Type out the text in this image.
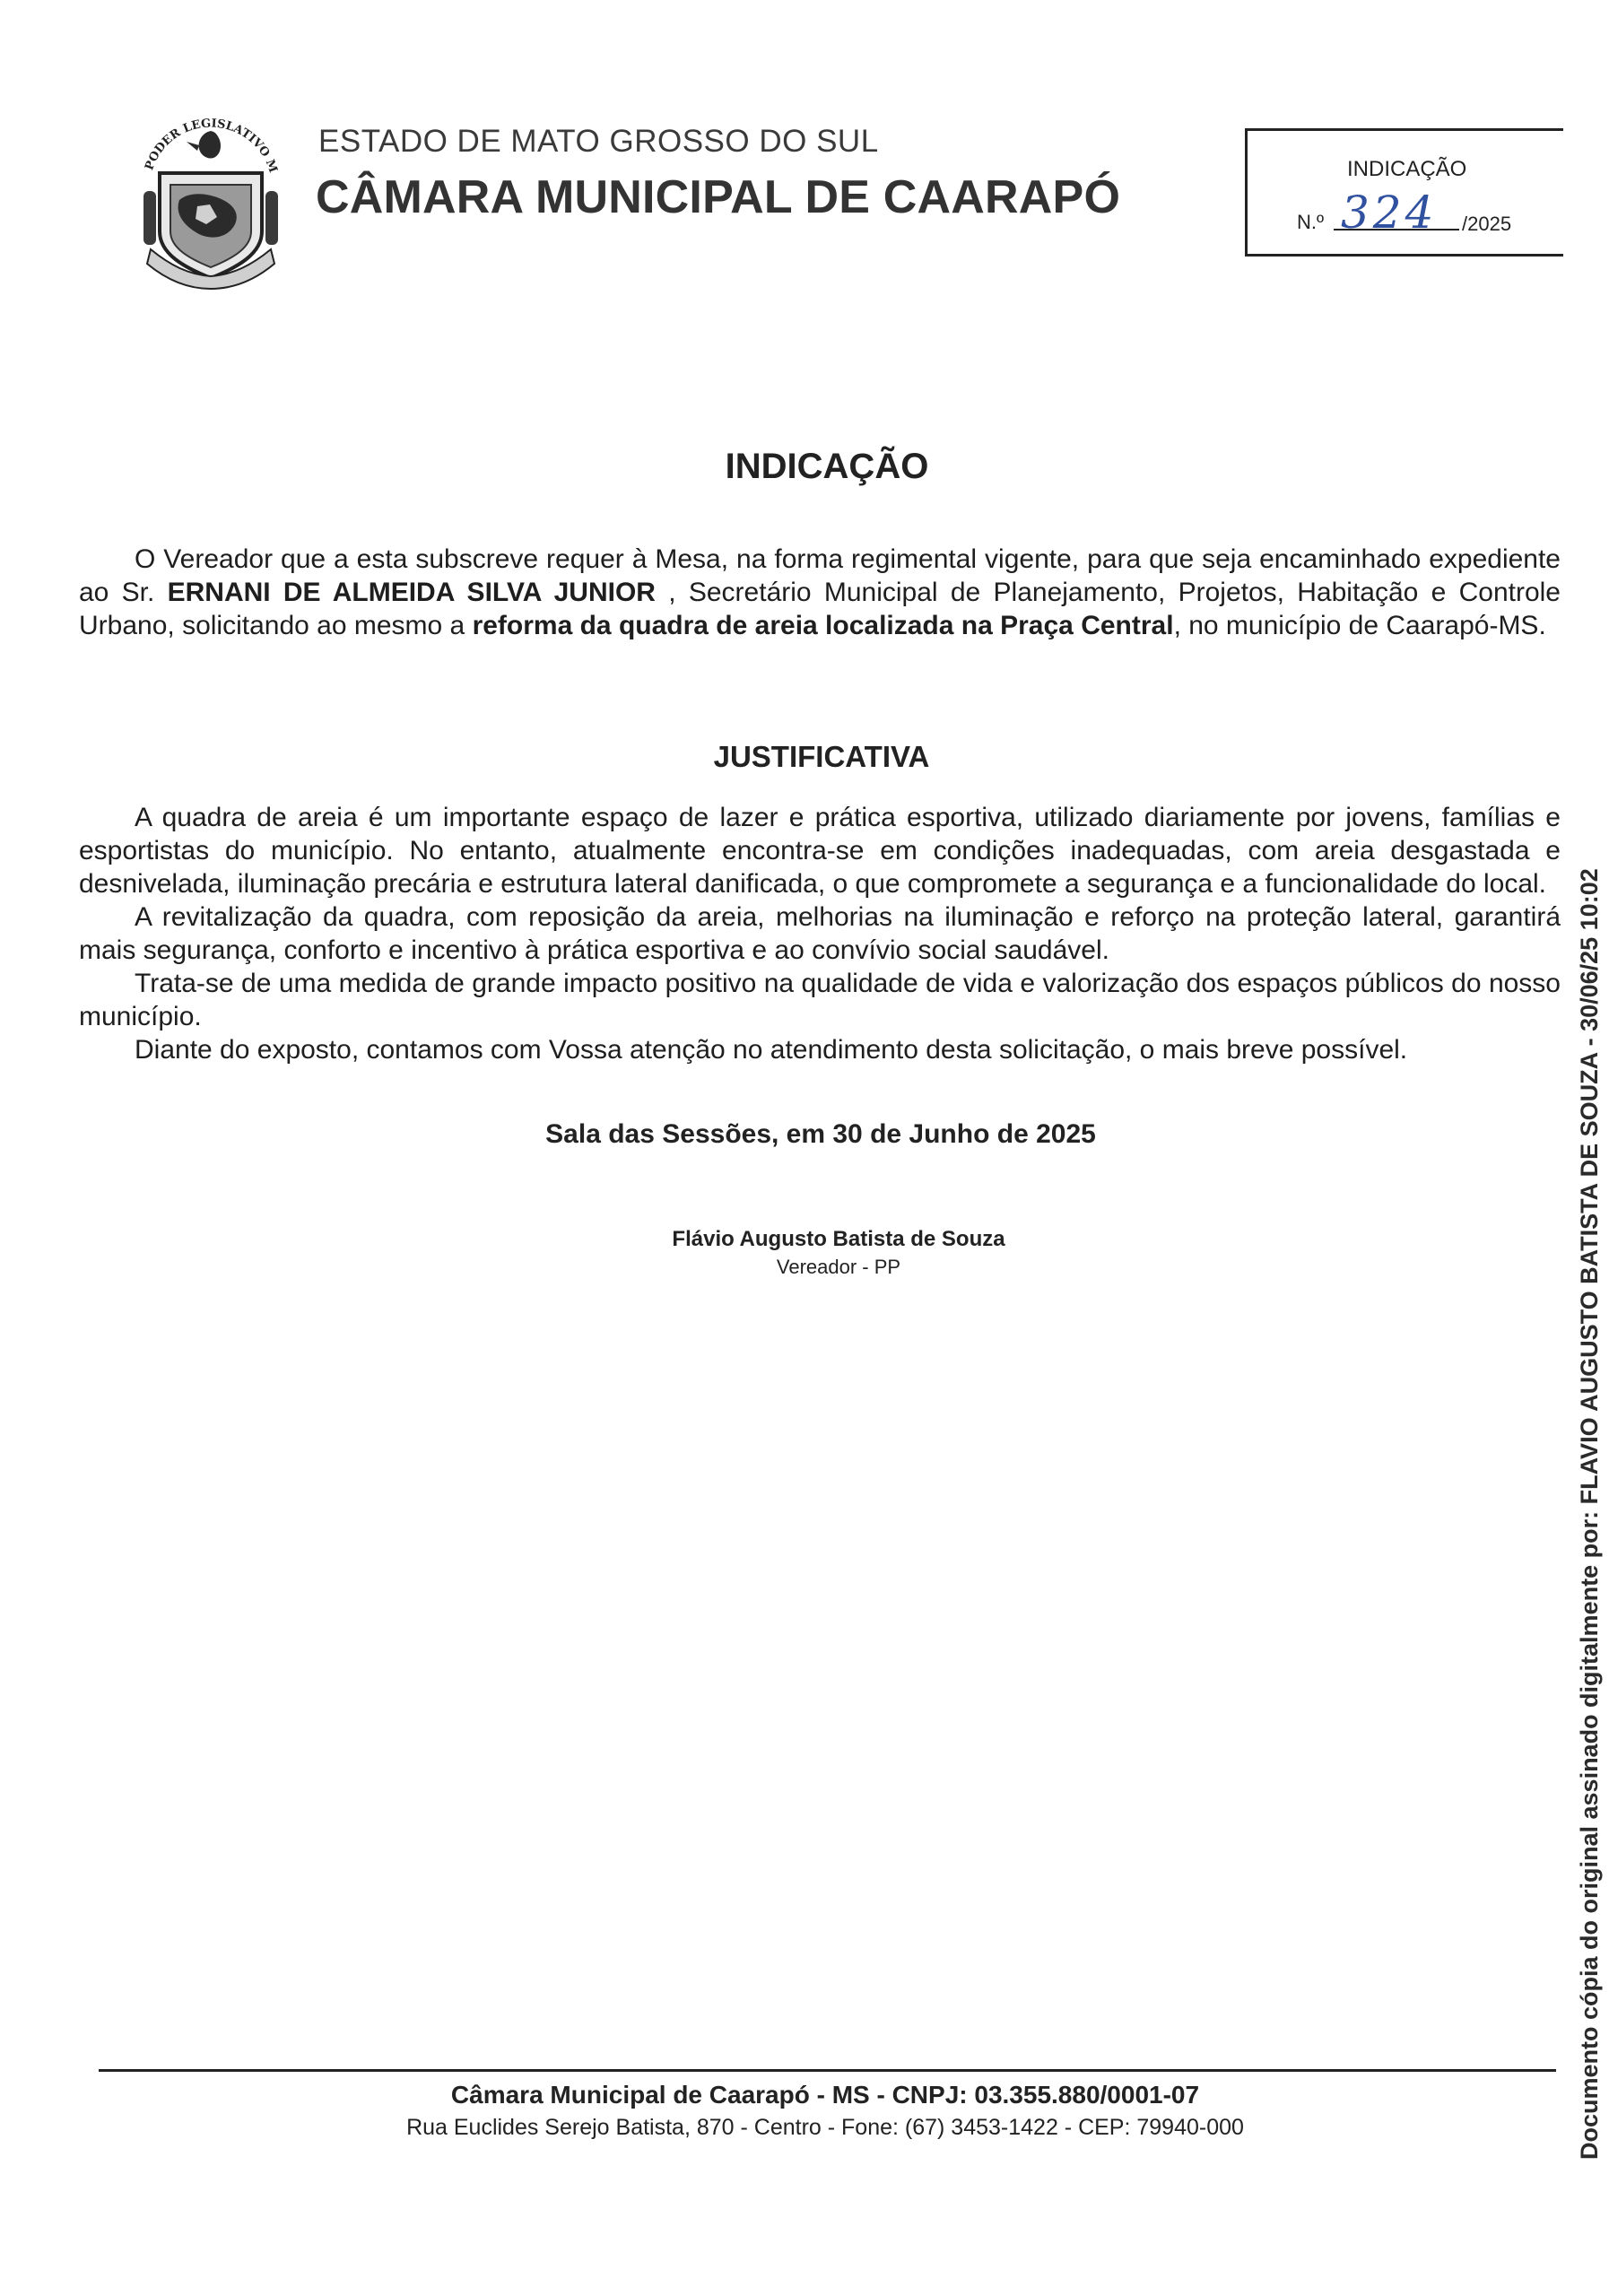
PODER LEGISLATIVO M
ESTADO DE MATO GROSSO DO SUL
CÂMARA MUNICIPAL DE CAARAPÓ
INDICAÇÃO
N.º 324 /2025
INDICAÇÃO
O Vereador que a esta subscreve requer à Mesa, na forma regimental vigente, para que seja encaminhado expediente ao Sr. ERNANI DE ALMEIDA SILVA JUNIOR , Secretário Municipal de Planejamento, Projetos, Habitação e Controle Urbano, solicitando ao mesmo a reforma da quadra de areia localizada na Praça Central, no município de Caarapó-MS.
JUSTIFICATIVA
A quadra de areia é um importante espaço de lazer e prática esportiva, utilizado diariamente por jovens, famílias e esportistas do município. No entanto, atualmente encontra-se em condições inadequadas, com areia desgastada e desnivelada, iluminação precária e estrutura lateral danificada, o que compromete a segurança e a funcionalidade do local.
A revitalização da quadra, com reposição da areia, melhorias na iluminação e reforço na proteção lateral, garantirá mais segurança, conforto e incentivo à prática esportiva e ao convívio social saudável.
Trata-se de uma medida de grande impacto positivo na qualidade de vida e valorização dos espaços públicos do nosso município.
Diante do exposto, contamos com Vossa atenção no atendimento desta solicitação, o mais breve possível.
Sala das Sessões, em 30 de Junho de 2025
Flávio Augusto Batista de Souza
Vereador - PP
Câmara Municipal de Caarapó - MS - CNPJ: 03.355.880/0001-07
Rua Euclides Serejo Batista, 870 - Centro - Fone: (67) 3453-1422 - CEP: 79940-000	Documento cópia do original assinado digitalmente por: FLAVIO AUGUSTO BATISTA DE SOUZA - 30/06/25 10:02
